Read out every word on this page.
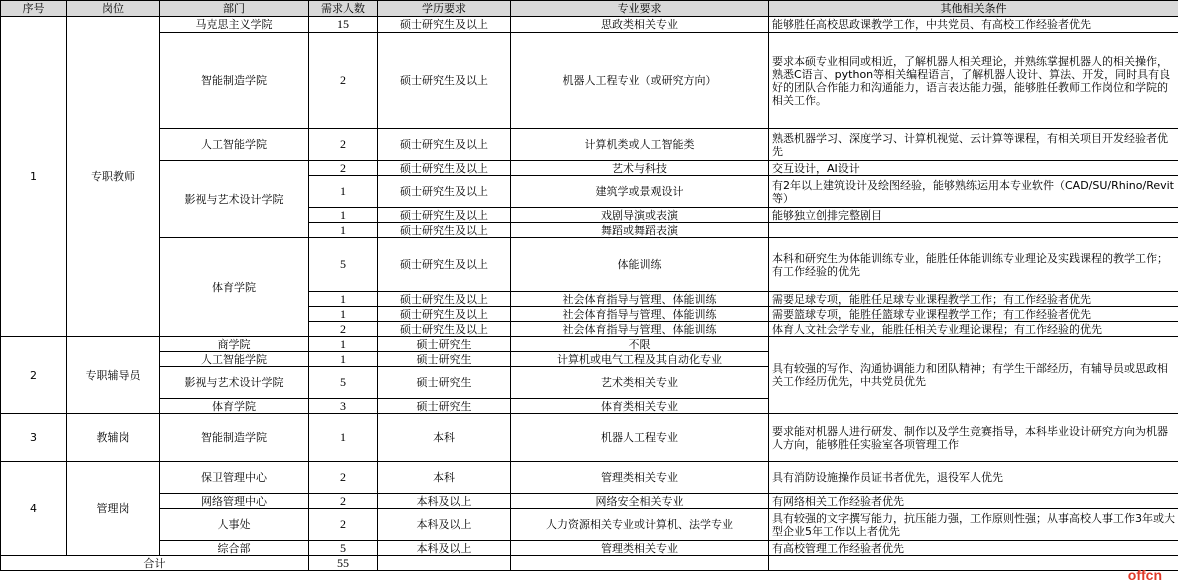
序号	岗位	部门	需求人数	学历要求	专业要求	其他相关条件
1	专职教师	马克思主义学院	15	硕士研究生及以上	思政类相关专业	能够胜任高校思政课教学工作，中共党员、有高校工作经验者优先
		智能制造学院	2	硕士研究生及以上	机器人工程专业（或研究方向）	要求本硕专业相同或相近，了解机器人相关理论，并熟练掌握机器人的相关操作，熟悉C语言、python等相关编程语言，了解机器人设计、算法、开发，同时具有良好的团队合作能力和沟通能力，语言表达能力强，能够胜任教师工作岗位和学院的相关工作。
		人工智能学院	2	硕士研究生及以上	计算机类或人工智能类	熟悉机器学习、深度学习、计算机视觉、云计算等课程，有相关项目开发经验者优先
		影视与艺术设计学院	2	硕士研究生及以上	艺术与科技	交互设计，AI设计
			1	硕士研究生及以上	建筑学或景观设计	有2年以上建筑设计及绘图经验，能够熟练运用本专业软件（CAD/SU/Rhino/Revit等）
			1	硕士研究生及以上	戏剧导演或表演	能够独立创排完整剧目
			1	硕士研究生及以上	舞蹈或舞蹈表演	
		体育学院	5	硕士研究生及以上	体能训练	本科和研究生为体能训练专业，能胜任体能训练专业理论及实践课程的教学工作；有工作经验的优先
			1	硕士研究生及以上	社会体育指导与管理、体能训练	需要足球专项，能胜任足球专业课程教学工作；有工作经验者优先
			1	硕士研究生及以上	社会体育指导与管理、体能训练	需要篮球专项，能胜任篮球专业课程教学工作；有工作经验者优先
			2	硕士研究生及以上	社会体育指导与管理、体能训练	体育人文社会学专业，能胜任相关专业理论课程；有工作经验的优先
2	专职辅导员	商学院	1	硕士研究生	不限	具有较强的写作、沟通协调能力和团队精神；有学生干部经历，有辅导员或思政相关工作经历优先，中共党员优先
		人工智能学院	1	硕士研究生	计算机或电气工程及其自动化专业	
		影视与艺术设计学院	5	硕士研究生	艺术类相关专业	
		体育学院	3	硕士研究生	体育类相关专业	
3	教辅岗	智能制造学院	1	本科	机器人工程专业	要求能对机器人进行研发、制作以及学生竞赛指导，本科毕业设计研究方向为机器人方向，能够胜任实验室各项管理工作
4	管理岗	保卫管理中心	2	本科	管理类相关专业	具有消防设施操作员证书者优先，退役军人优先
		网络管理中心	2	本科及以上	网络安全相关专业	有网络相关工作经验者优先
		人事处	2	本科及以上	人力资源相关专业或计算机、法学专业	具有较强的文字撰写能力，抗压能力强，工作原则性强；从事高校人事工作3年或大型企业5年工作以上者优先
		综合部	5	本科及以上	管理类相关专业	有高校管理工作经验者优先
合计			55			
offcn
